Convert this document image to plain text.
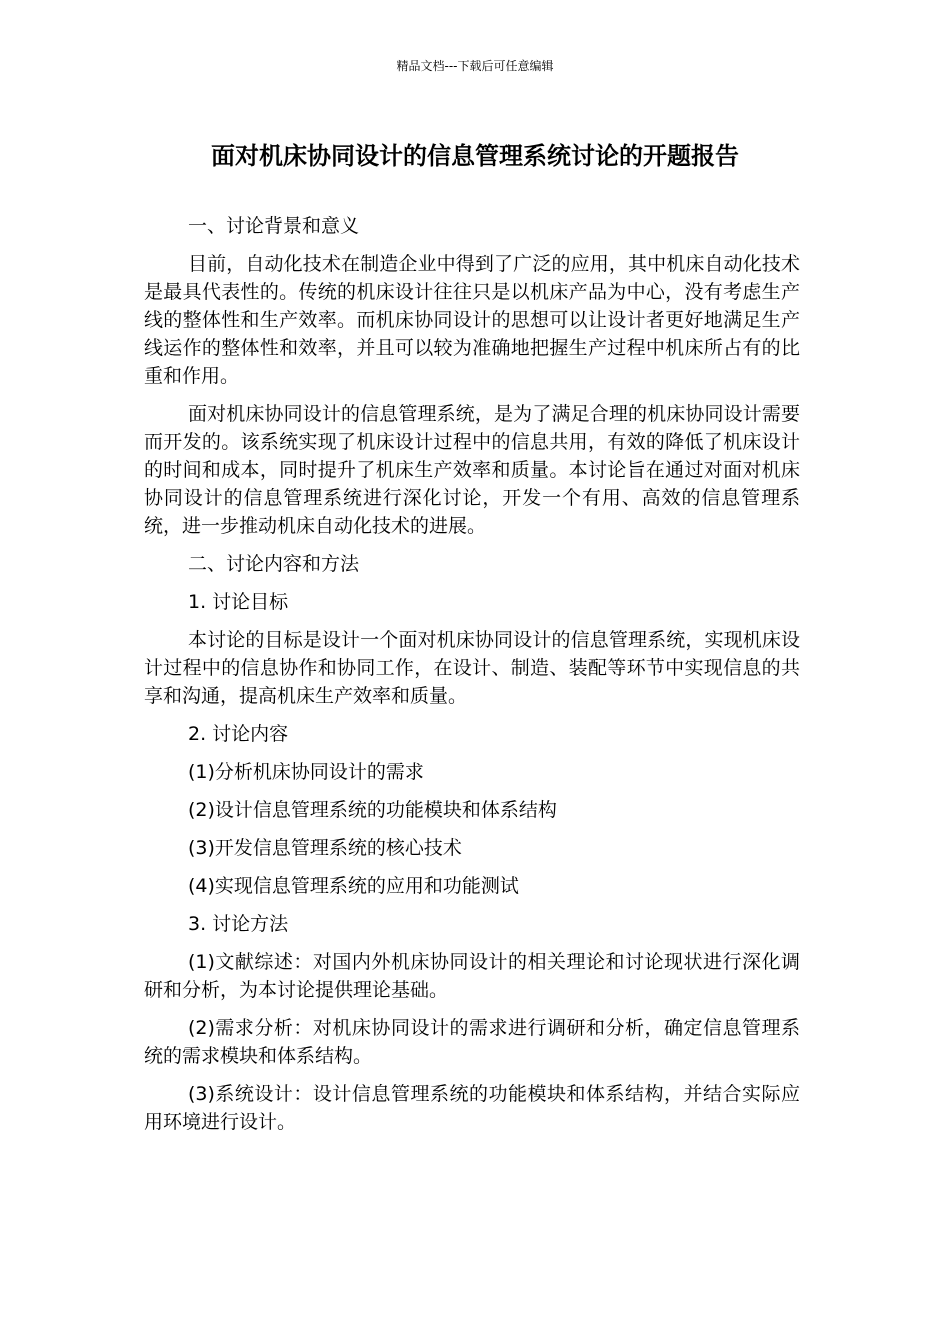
精品文档---下载后可任意编辑
面对机床协同设计的信息管理系统讨论的开题报告

一、讨论背景和意义

目前，自动化技术在制造企业中得到了广泛的应用，其中机床自动化技术是最具代表性的。传统的机床设计往往只是以机床产品为中心，没有考虑生产线的整体性和生产效率。而机床协同设计的思想可以让设计者更好地满足生产线运作的整体性和效率，并且可以较为准确地把握生产过程中机床所占有的比重和作用。

面对机床协同设计的信息管理系统，是为了满足合理的机床协同设计需要而开发的。该系统实现了机床设计过程中的信息共用，有效的降低了机床设计的时间和成本，同时提升了机床生产效率和质量。本讨论旨在通过对面对机床协同设计的信息管理系统进行深化讨论，开发一个有用、高效的信息管理系统，进一步推动机床自动化技术的进展。

二、讨论内容和方法

1. 讨论目标

本讨论的目标是设计一个面对机床协同设计的信息管理系统，实现机床设计过程中的信息协作和协同工作，在设计、制造、装配等环节中实现信息的共享和沟通，提高机床生产效率和质量。

2. 讨论内容

(1)分析机床协同设计的需求

(2)设计信息管理系统的功能模块和体系结构

(3)开发信息管理系统的核心技术

(4)实现信息管理系统的应用和功能测试

3. 讨论方法

(1)文献综述：对国内外机床协同设计的相关理论和讨论现状进行深化调研和分析，为本讨论提供理论基础。

(2)需求分析：对机床协同设计的需求进行调研和分析，确定信息管理系统的需求模块和体系结构。

(3)系统设计：设计信息管理系统的功能模块和体系结构，并结合实际应用环境进行设计。
